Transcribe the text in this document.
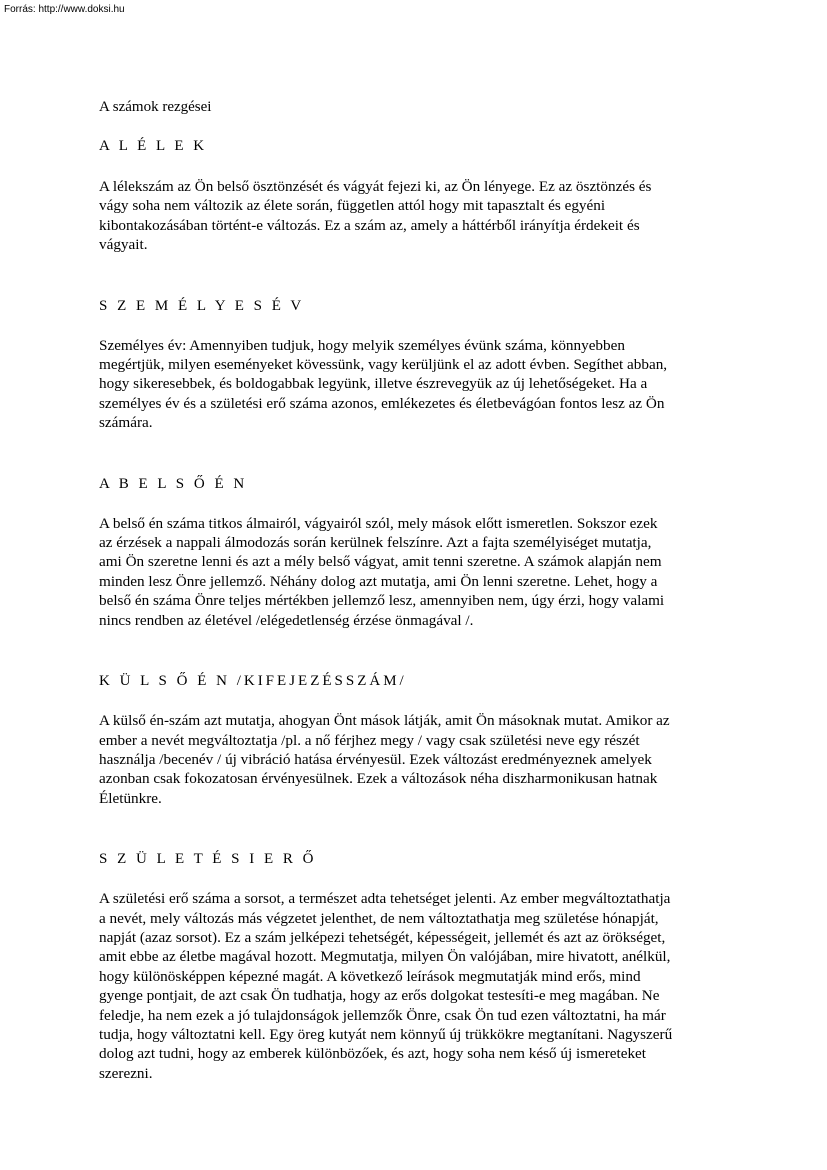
Forrás: http://www.doksi.hu

A számok rezgései

A L É L E K

A lélekszám az Ön belső ösztönzését és vágyát fejezi ki, az Ön lényege. Ez az ösztönzés és
vágy soha nem változik az élete során, független attól hogy mit tapasztalt és egyéni
kibontakozásában történt-e változás. Ez a szám az, amely a háttérből irányítja érdekeit és
vágyait.

S Z E M É L Y E S É V

Személyes év: Amennyiben tudjuk, hogy melyik személyes évünk száma, könnyebben
megértjük, milyen eseményeket kövessünk, vagy kerüljünk el az adott évben. Segíthet abban,
hogy sikeresebbek, és boldogabbak legyünk, illetve észrevegyük az új lehetőségeket. Ha a
személyes év és a születési erő száma azonos, emlékezetes és életbevágóan fontos lesz az Ön
számára.

A B E L S Ő É N

A belső én száma titkos álmairól, vágyairól szól, mely mások előtt ismeretlen. Sokszor ezek
az érzések a nappali álmodozás során kerülnek felszínre. Azt a fajta személyiséget mutatja,
ami Ön szeretne lenni és azt a mély belső vágyat, amit tenni szeretne. A számok alapján nem
minden lesz Önre jellemző. Néhány dolog azt mutatja, ami Ön lenni szeretne. Lehet, hogy a
belső én száma Önre teljes mértékben jellemző lesz, amennyiben nem, úgy érzi, hogy valami
nincs rendben az életével /elégedetlenség érzése önmagával /.

K Ü L S Ő É N /KIFEJEZÉSSZÁM/

A külső én-szám azt mutatja, ahogyan Önt mások látják, amit Ön másoknak mutat. Amikor az
ember a nevét megváltoztatja /pl. a nő férjhez megy / vagy csak születési neve egy részét
használja /becenév / új vibráció hatása érvényesül. Ezek változást eredményeznek amelyek
azonban csak fokozatosan érvényesülnek. Ezek a változások néha diszharmonikusan hatnak
Életünkre.

S Z Ü L E T É S I E R Ő

A születési erő száma a sorsot, a természet adta tehetséget jelenti. Az ember megváltoztathatja
a nevét, mely változás más végzetet jelenthet, de nem változtathatja meg születése hónapját,
napját (azaz sorsot). Ez a szám jelképezi tehetségét, képességeit, jellemét és azt az örökséget,
amit ebbe az életbe magával hozott. Megmutatja, milyen Ön valójában, mire hivatott, anélkül,
hogy különösképpen képezné magát. A következő leírások megmutatják mind erős, mind
gyenge pontjait, de azt csak Ön tudhatja, hogy az erős dolgokat testesíti-e meg magában. Ne
feledje, ha nem ezek a jó tulajdonságok jellemzők Önre, csak Ön tud ezen változtatni, ha már
tudja, hogy változtatni kell. Egy öreg kutyát nem könnyű új trükkökre megtanítani. Nagyszerű
dolog azt tudni, hogy az emberek különbözőek, és azt, hogy soha nem késő új ismereteket
szerezni.
